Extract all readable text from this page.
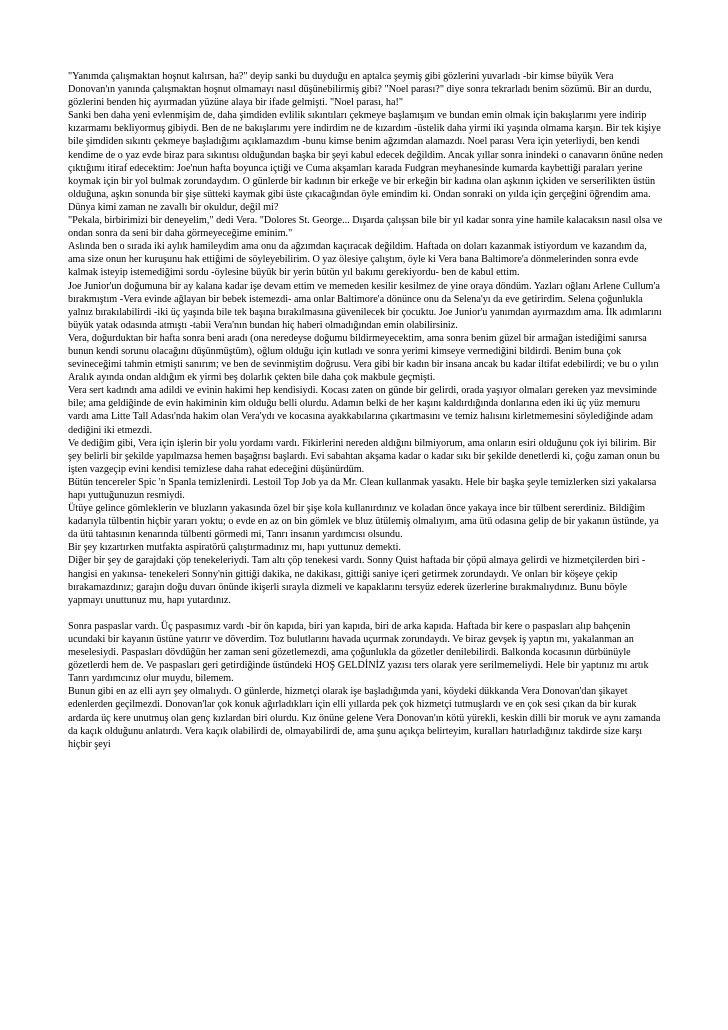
"Yanımda çalışmaktan hoşnut kalırsan, ha?" deyip sanki bu duyduğu en aptalca şeymiş gibi gözlerini yuvarladı -bir kimse büyük Vera Donovan'ın yanında çalışmaktan hoşnut olmamayı nasıl düşünebilirmiş gibi? "Noel parası?" diye sonra tekrarladı benim sözümü. Bir an durdu, gözlerini benden hiç ayırmadan yüzüne alaya bir ifade gelmişti. "Noel parası, ha!"

Sanki ben daha yeni evlenmişim de, daha şimdiden evlilik sıkıntıları çekmeye başlamışım ve bundan emin olmak için bakışlarımı yere indirip kızarmamı bekliyormuş gibiydi. Ben de ne bakışlarımı yere indirdim ne de kızardım -üstelik daha yirmi iki yaşında olmama karşın. Bir tek kişiye bile şimdiden sıkıntı çekmeye başladığımı açıklamazdım -bunu kimse benim ağzımdan alamazdı. Noel parası Vera için yeterliydi, ben kendi kendime de o yaz evde biraz para sıkıntısı olduğundan başka bir şeyi kabul edecek değildim. Ancak yıllar sonra inindeki o canavarın önüne neden çıktığımı itiraf edecektim: Joe'nun hafta boyunca içtiği ve Cuma akşamları karada Fudgran meyhanesinde kumarda kaybettiği paraları yerine koymak için bir yol bulmak zorundaydım. O günlerde bir kadının bir erkeğe ve bir erkeğin bir kadına olan aşkının içkiden ve serserilikten üstün olduğuna, aşkın sonunda bir şişe sütteki kaymak gibi üste çıkacağından öyle emindim ki. Ondan sonraki on yılda için gerçeğini öğrendim ama. Dünya kimi zaman ne zavallı bir okuldur, değil mi?

"Pekala, birbirimizi bir deneyelim," dedi Vera. "Dolores St. George... Dışarda çalışsan bile bir yıl kadar sonra yine hamile kalacaksın nasıl olsa ve ondan sonra da seni bir daha görmeyeceğime eminim."

Aslında ben o sırada iki aylık hamileydim ama onu da ağzımdan kaçıracak değildim. Haftada on doları kazanmak istiyordum ve kazandım da, ama size onun her kuruşunu hak ettiğimi de söyleyebilirim. O yaz ölesiye çalıştım, öyle ki Vera bana Baltimore'a dönmelerinden sonra evde kalmak isteyip istemediğimi sordu -öylesine büyük bir yerin bütün yıl bakımı gerekiyordu- ben de kabul ettim.

Joe Junior'un doğumuna bir ay kalana kadar işe devam ettim ve memeden kesilir kesilmez de yine oraya döndüm. Yazları oğlanı Arlene Cullum'a bırakmıştım -Vera evinde ağlayan bir bebek istemezdi- ama onlar Baltimore'a dönünce onu da Selena'yı da eve getirirdim. Selena çoğunlukla yalnız bırakılabilirdi -iki üç yaşında bile tek başına bırakılmasına güvenilecek bir çocuktu. Joe Junior'u yanımdan ayırmazdım ama. İlk adımlarını büyük yatak odasında atmıştı -tabii Vera'nın bundan hiç haberi olmadığından emin olabilirsiniz.

Vera, doğurduktan bir hafta sonra beni aradı (ona neredeyse doğumu bildirmeyecektim, ama sonra benim güzel bir armağan istediğimi sanırsa bunun kendi sorunu olacağını düşünmüştüm), oğlum olduğu için kutladı ve sonra yerimi kimseye vermediğini bildirdi. Benim buna çok sevineceğimi tahmin etmişti sanırım; ve ben de sevinmiştim doğrusu. Vera gibi bir kadın bir insana ancak bu kadar iltifat edebilirdi; ve bu o yılın Aralık ayında ondan aldığım ek yirmi beş dolarlık çekten bile daha çok makbule geçmişti.

Vera sert kadındı ama adildi ve evinin hakimi hep kendisiydi. Kocası zaten on günde bir gelirdi, orada yaşıyor olmaları gereken yaz mevsiminde bile; ama geldiğinde de evin hakiminin kim olduğu belli olurdu. Adamın belki de her kaşını kaldırdığında donlarına eden iki üç yüz memuru vardı ama Litte Tall Adası'nda hakim olan Vera'ydı ve kocasına ayakkabılarına çıkartmasını ve temiz halısını kirletmemesini söylediğinde adam dediğini iki etmezdi.

Ve dediğim gibi, Vera için işlerin bir yolu yordamı vardı. Fikirlerini nereden aldığını bilmiyorum, ama onların esiri olduğunu çok iyi bilirim. Bir şey belirli bir şekilde yapılmazsa hemen başağrısı başlardı. Evi sabahtan akşama kadar o kadar sıkı bir şekilde denetlerdi ki, çoğu zaman onun bu işten vazgeçip evini kendisi temizlese daha rahat edeceğini düşünürdüm.

Bütün tencereler Spic 'n Spanla temizlenirdi. Lestoil Top Job ya da Mr. Clean kullanmak yasaktı. Hele bir başka şeyle temizlerken sizi yakalarsa hapı yuttuğunuzun resmiydi.

Ütüye gelince gömleklerin ve bluzların yakasında özel bir şişe kola kullanırdınız ve koladan önce yakaya ince bir tülbent sererdiniz. Bildiğim kadarıyla tülbentin hiçbir yararı yoktu; o evde en az on bin gömlek ve bluz ütülemiş olmalıyım, ama ütü odasına gelip de bir yakanın üstünde, ya da ütü tahtasının kenarında tülbenti görmedi mi, Tanrı insanın yardımcısı olsundu.

Bir şey kızartırken mutfakta aspiratörü çalıştırmadınız mı, hapı yuttunuz demekti.

Diğer bir şey de garajdaki çöp tenekeleriydi. Tam altı çöp tenekesi vardı. Sonny Quist haftada bir çöpü almaya gelirdi ve hizmetçilerden biri -hangisi en yakınsa- tenekeleri Sonny'nin gittiği dakika, ne dakikası, gittiği saniye içeri getirmek zorundaydı. Ve onları bir köşeye çekip bırakamazdınız; garajın doğu duvarı önünde ikişerli sırayla dizmeli ve kapaklarını tersyüz ederek üzerlerine bırakmalıydınız. Bunu böyle yapmayı unuttunuz mu, hapı yutardınız.

Sonra paspaslar vardı. Üç paspasımız vardı -bir ön kapıda, biri yan kapıda, biri de arka kapıda. Haftada bir kere o paspasları alıp bahçenin ucundaki bir kayanın üstüne yatırır ve döverdim. Toz bulutlarını havada uçurmak zorundaydı. Ve biraz gevşek iş yaptın mı, yakalanman an meselesiydi. Paspasları dövdüğün her zaman seni gözetlemezdi, ama çoğunlukla da gözetler denilebilirdi. Balkonda kocasının dürbünüyle gözetlerdi hem de. Ve paspasları geri getirdiğinde üstündeki HOŞ GELDİNİZ yazısı ters olarak yere serilmemeliydi. Hele bir yaptınız mı artık Tanrı yardımcınız olur muydu, bilemem.

Bunun gibi en az elli ayrı şey olmalıydı. O günlerde, hizmetçi olarak işe başladığımda yani, köydeki dükkanda Vera Donovan'dan şikayet edenlerden geçilmezdi. Donovan'lar çok konuk ağırladıkları için elli yıllarda pek çok hizmetçi tutmuşlardı ve en çok sesi çıkan da bir kurak ardarda üç kere unutmuş olan genç kızlardan biri olurdu. Kız önüne gelene Vera Donovan'ın kötü yürekli, keskin dilli bir moruk ve aynı zamanda da kaçık olduğunu anlatırdı. Vera kaçık olabilirdi de, olmayabilirdi de, ama şunu açıkça belirteyim, kuralları hatırladığınız takdirde size karşı hiçbir şeyi
